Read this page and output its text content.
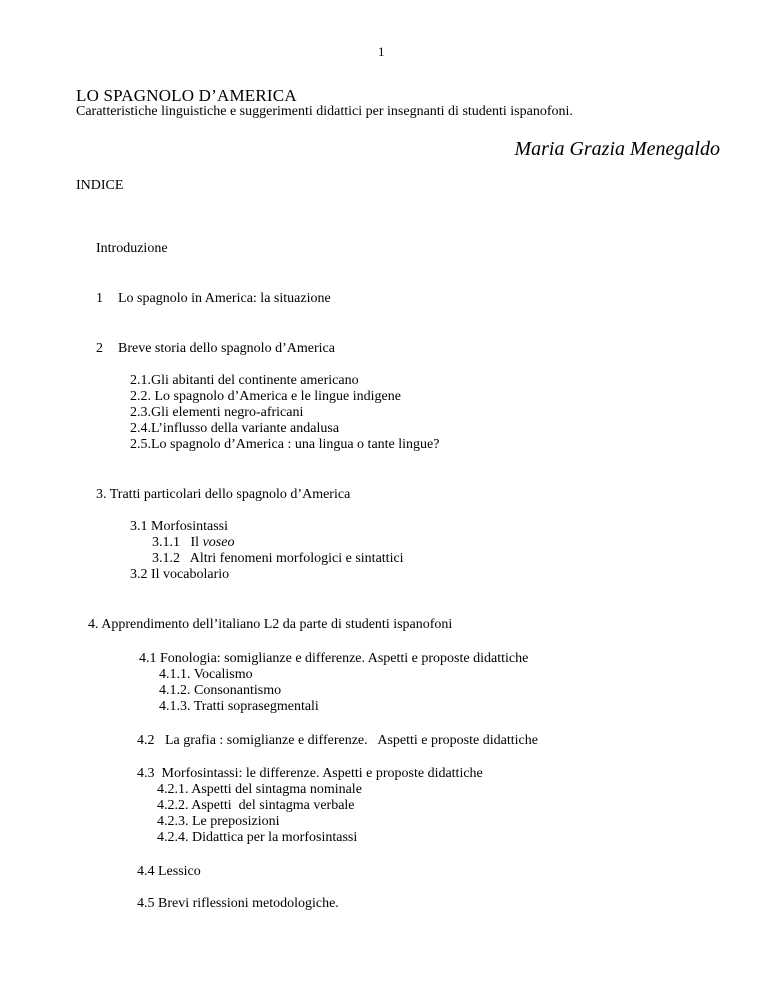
1
LO SPAGNOLO D’AMERICA
Caratteristiche linguistiche e suggerimenti didattici per insegnanti di studenti ispanofoni.
Maria Grazia Menegaldo
INDICE
Introduzione
1 Lo spagnolo in America: la situazione
2 Breve storia dello spagnolo d’America
2.1.Gli abitanti del continente americano
2.2. Lo spagnolo d’America e le lingue indigene
2.3.Gli elementi negro-africani
2.4.L’influsso della variante andalusa
2.5.Lo spagnolo d’America : una lingua o tante lingue?
3. Tratti particolari dello spagnolo d’America
3.1 Morfosintassi
3.1.1   Il voseo
3.1.2   Altri fenomeni morfologici e sintattici
3.2 Il vocabolario
4. Apprendimento dell’italiano L2 da parte di studenti ispanofoni
4.1 Fonologia: somiglianze e differenze. Aspetti e proposte didattiche
4.1.1. Vocalismo
4.1.2. Consonantismo
4.1.3. Tratti soprasegmentali
4.2   La grafia : somiglianze e differenze.   Aspetti e proposte didattiche
4.3  Morfosintassi: le differenze. Aspetti e proposte didattiche
4.2.1. Aspetti del sintagma nominale
4.2.2. Aspetti  del sintagma verbale
4.2.3. Le preposizioni
4.2.4. Didattica per la morfosintassi
4.4 Lessico
4.5 Brevi riflessioni metodologiche.
